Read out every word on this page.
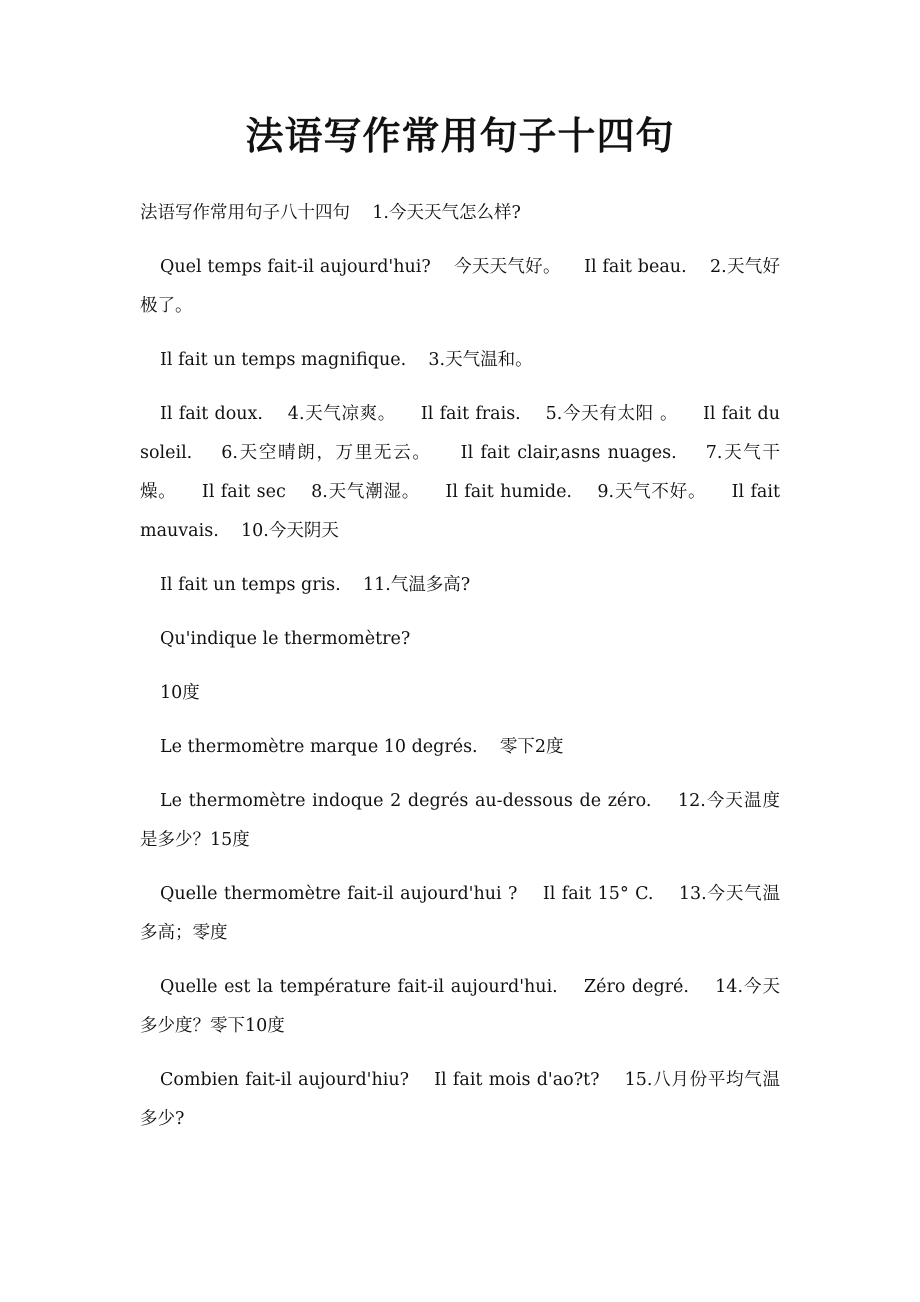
法语写作常用句子十四句

法语写作常用句子八十四句    1.今天天气怎么样?

Quel temps fait-il aujourd'hui?    今天天气好。    Il fait beau.    2.天气好极了。

Il fait un temps magnifique.    3.天气温和。

Il fait doux.    4.天气凉爽。    Il fait frais.    5.今天有太阳 。    Il fait du soleil.    6.天空晴朗，万里无云。    Il fait clair,asns nuages.    7.天气干燥。    Il fait sec    8.天气潮湿。    Il fait humide.    9.天气不好。    Il fait mauvais.    10.今天阴天

Il fait un temps gris.    11.气温多高?

Qu'indique le thermomètre?

10度

Le thermomètre marque 10 degrés.    零下2度

Le thermomètre indoque 2 degrés au-dessous de zéro.    12.今天温度是多少？15度

Quelle thermomètre fait-il aujourd'hui ?    Il fait 15° C.    13.今天气温多高；零度

Quelle est la température fait-il aujourd'hui.    Zéro degré.    14.今天多少度？零下10度

Combien fait-il aujourd'hiu?    Il fait mois d'ao?t?    15.八月份平均气温多少?
